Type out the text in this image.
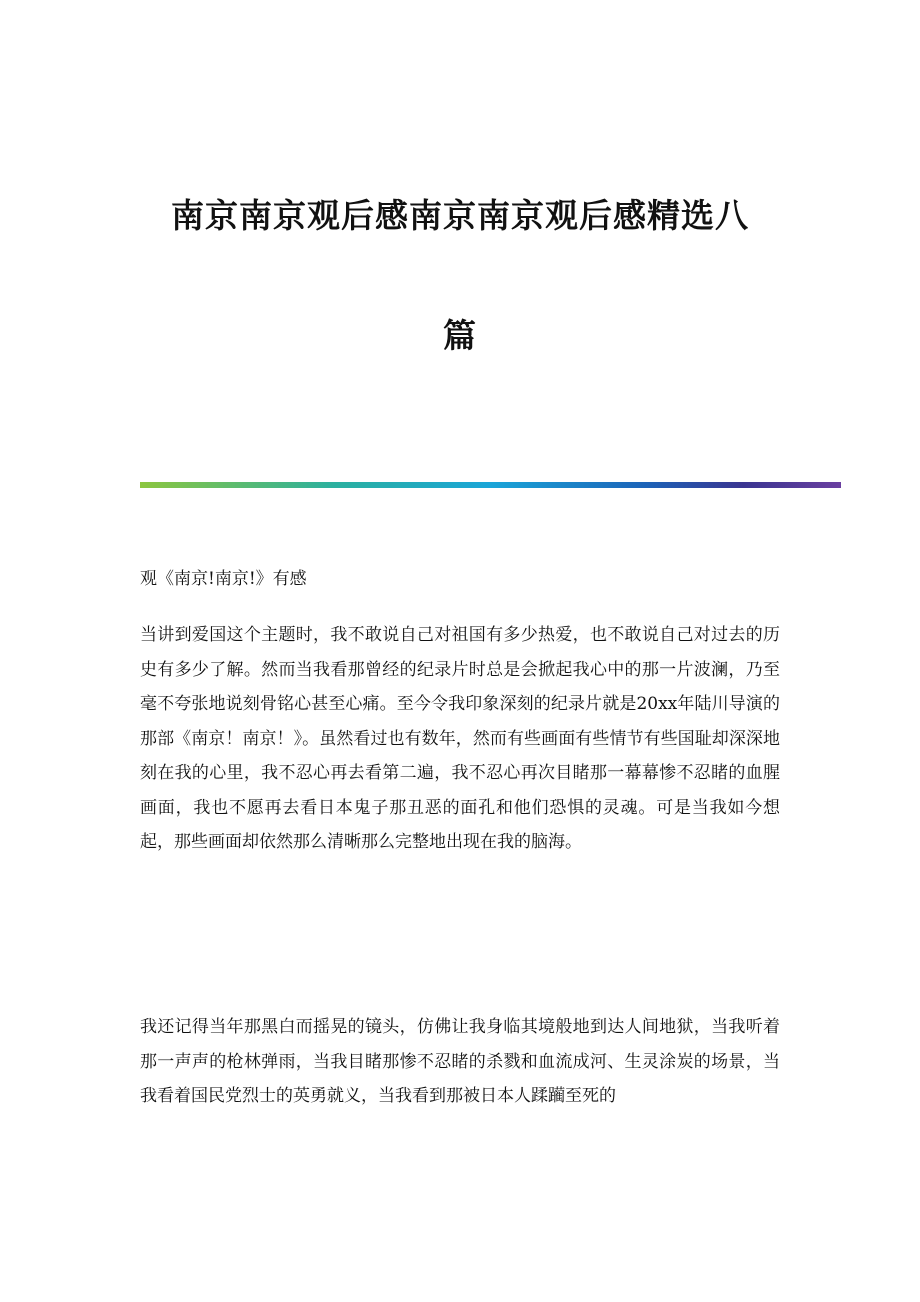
南京南京观后感南京南京观后感精选八
篇

观《南京!南京!》有感

当讲到爱国这个主题时，我不敢说自己对祖国有多少热爱，也不敢说自己对过去的历史有多少了解。然而当我看那曾经的纪录片时总是会掀起我心中的那一片波澜，乃至毫不夸张地说刻骨铭心甚至心痛。至今令我印象深刻的纪录片就是20xx年陆川导演的那部《南京！南京！》。虽然看过也有数年，然而有些画面有些情节有些国耻却深深地刻在我的心里，我不忍心再去看第二遍，我不忍心再次目睹那一幕幕惨不忍睹的血腥画面，我也不愿再去看日本鬼子那丑恶的面孔和他们恐惧的灵魂。可是当我如今想起，那些画面却依然那么清晰那么完整地出现在我的脑海。

我还记得当年那黑白而摇晃的镜头，仿佛让我身临其境般地到达人间地狱，当我听着那一声声的枪林弹雨，当我目睹那惨不忍睹的杀戮和血流成河、生灵涂炭的场景，当我看着国民党烈士的英勇就义，当我看到那被日本人蹂躏至死的
